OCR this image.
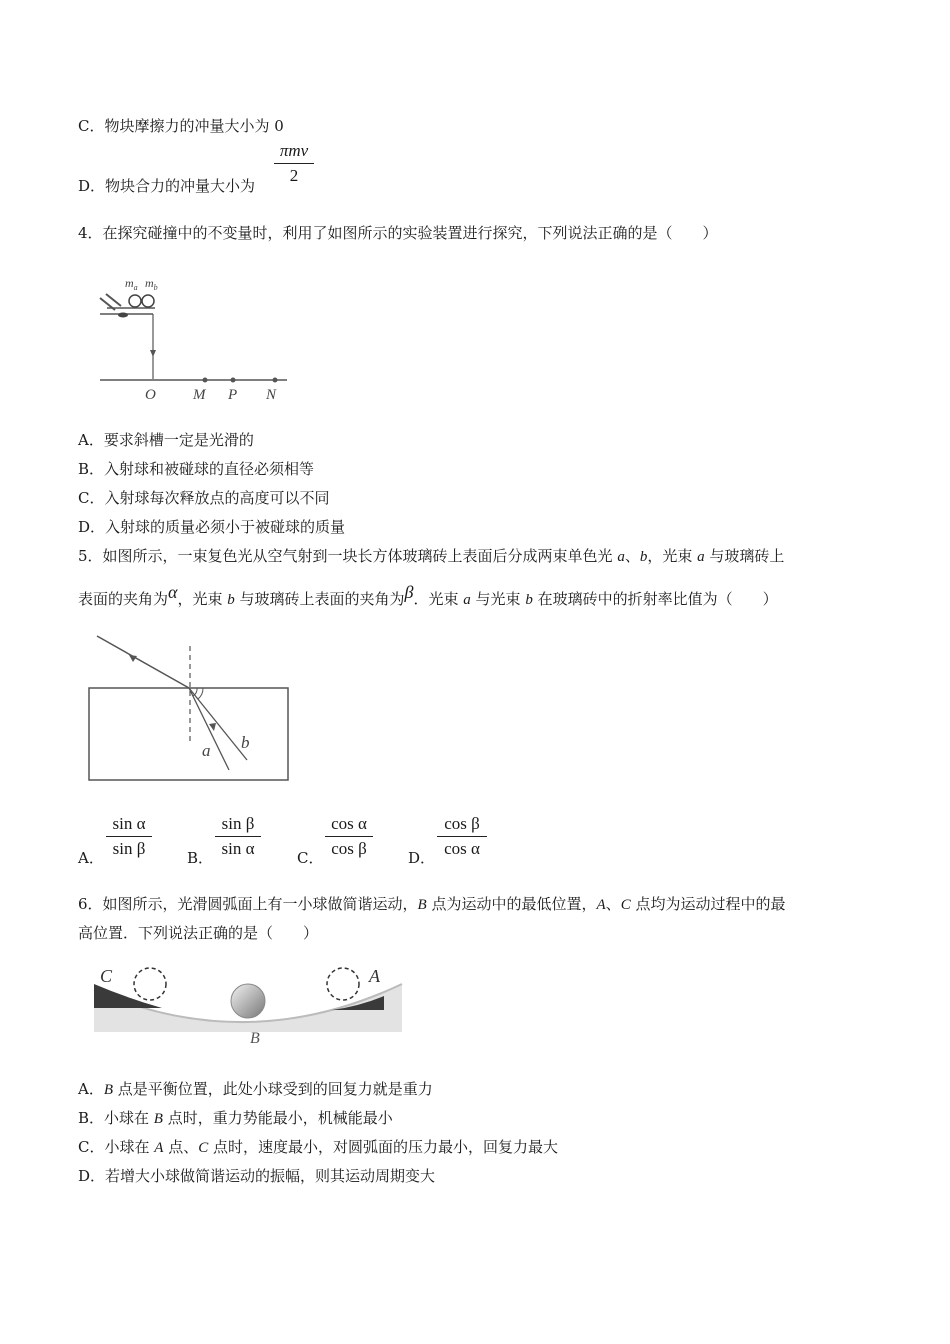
C．物块摩擦力的冲量大小为 0
D．物块合力的冲量大小为
πmv
2
4．在探究碰撞中的不变量时，利用了如图所示的实验装置进行探究，下列说法正确的是（　　）
$m_a$ $m_b$
O M P N
A．要求斜槽一定是光滑的
B．入射球和被碰球的直径必须相等
C．入射球每次释放点的高度可以不同
D．入射球的质量必须小于被碰球的质量
5．如图所示，一束复色光从空气射到一块长方体玻璃砖上表面后分成两束单色光 a、b，光束 a 与玻璃砖上
表面的夹角为α，光束 b 与玻璃砖上表面的夹角为β．光束 a 与光束 b 在玻璃砖中的折射率比值为（　　）
a b
A．
sin α
sin β	B．
sin β
sin α	C．
cos α
cos β	D．
cos β
cos α
6．如图所示，光滑圆弧面上有一小球做简谐运动，B 点为运动中的最低位置，A、C 点均为运动过程中的最
高位置．下列说法正确的是（　　）
C	A
B
A．B 点是平衡位置，此处小球受到的回复力就是重力
B．小球在 B 点时，重力势能最小，机械能最小
C．小球在 A 点、C 点时，速度最小，对圆弧面的压力最小，回复力最大
D．若增大小球做简谐运动的振幅，则其运动周期变大
